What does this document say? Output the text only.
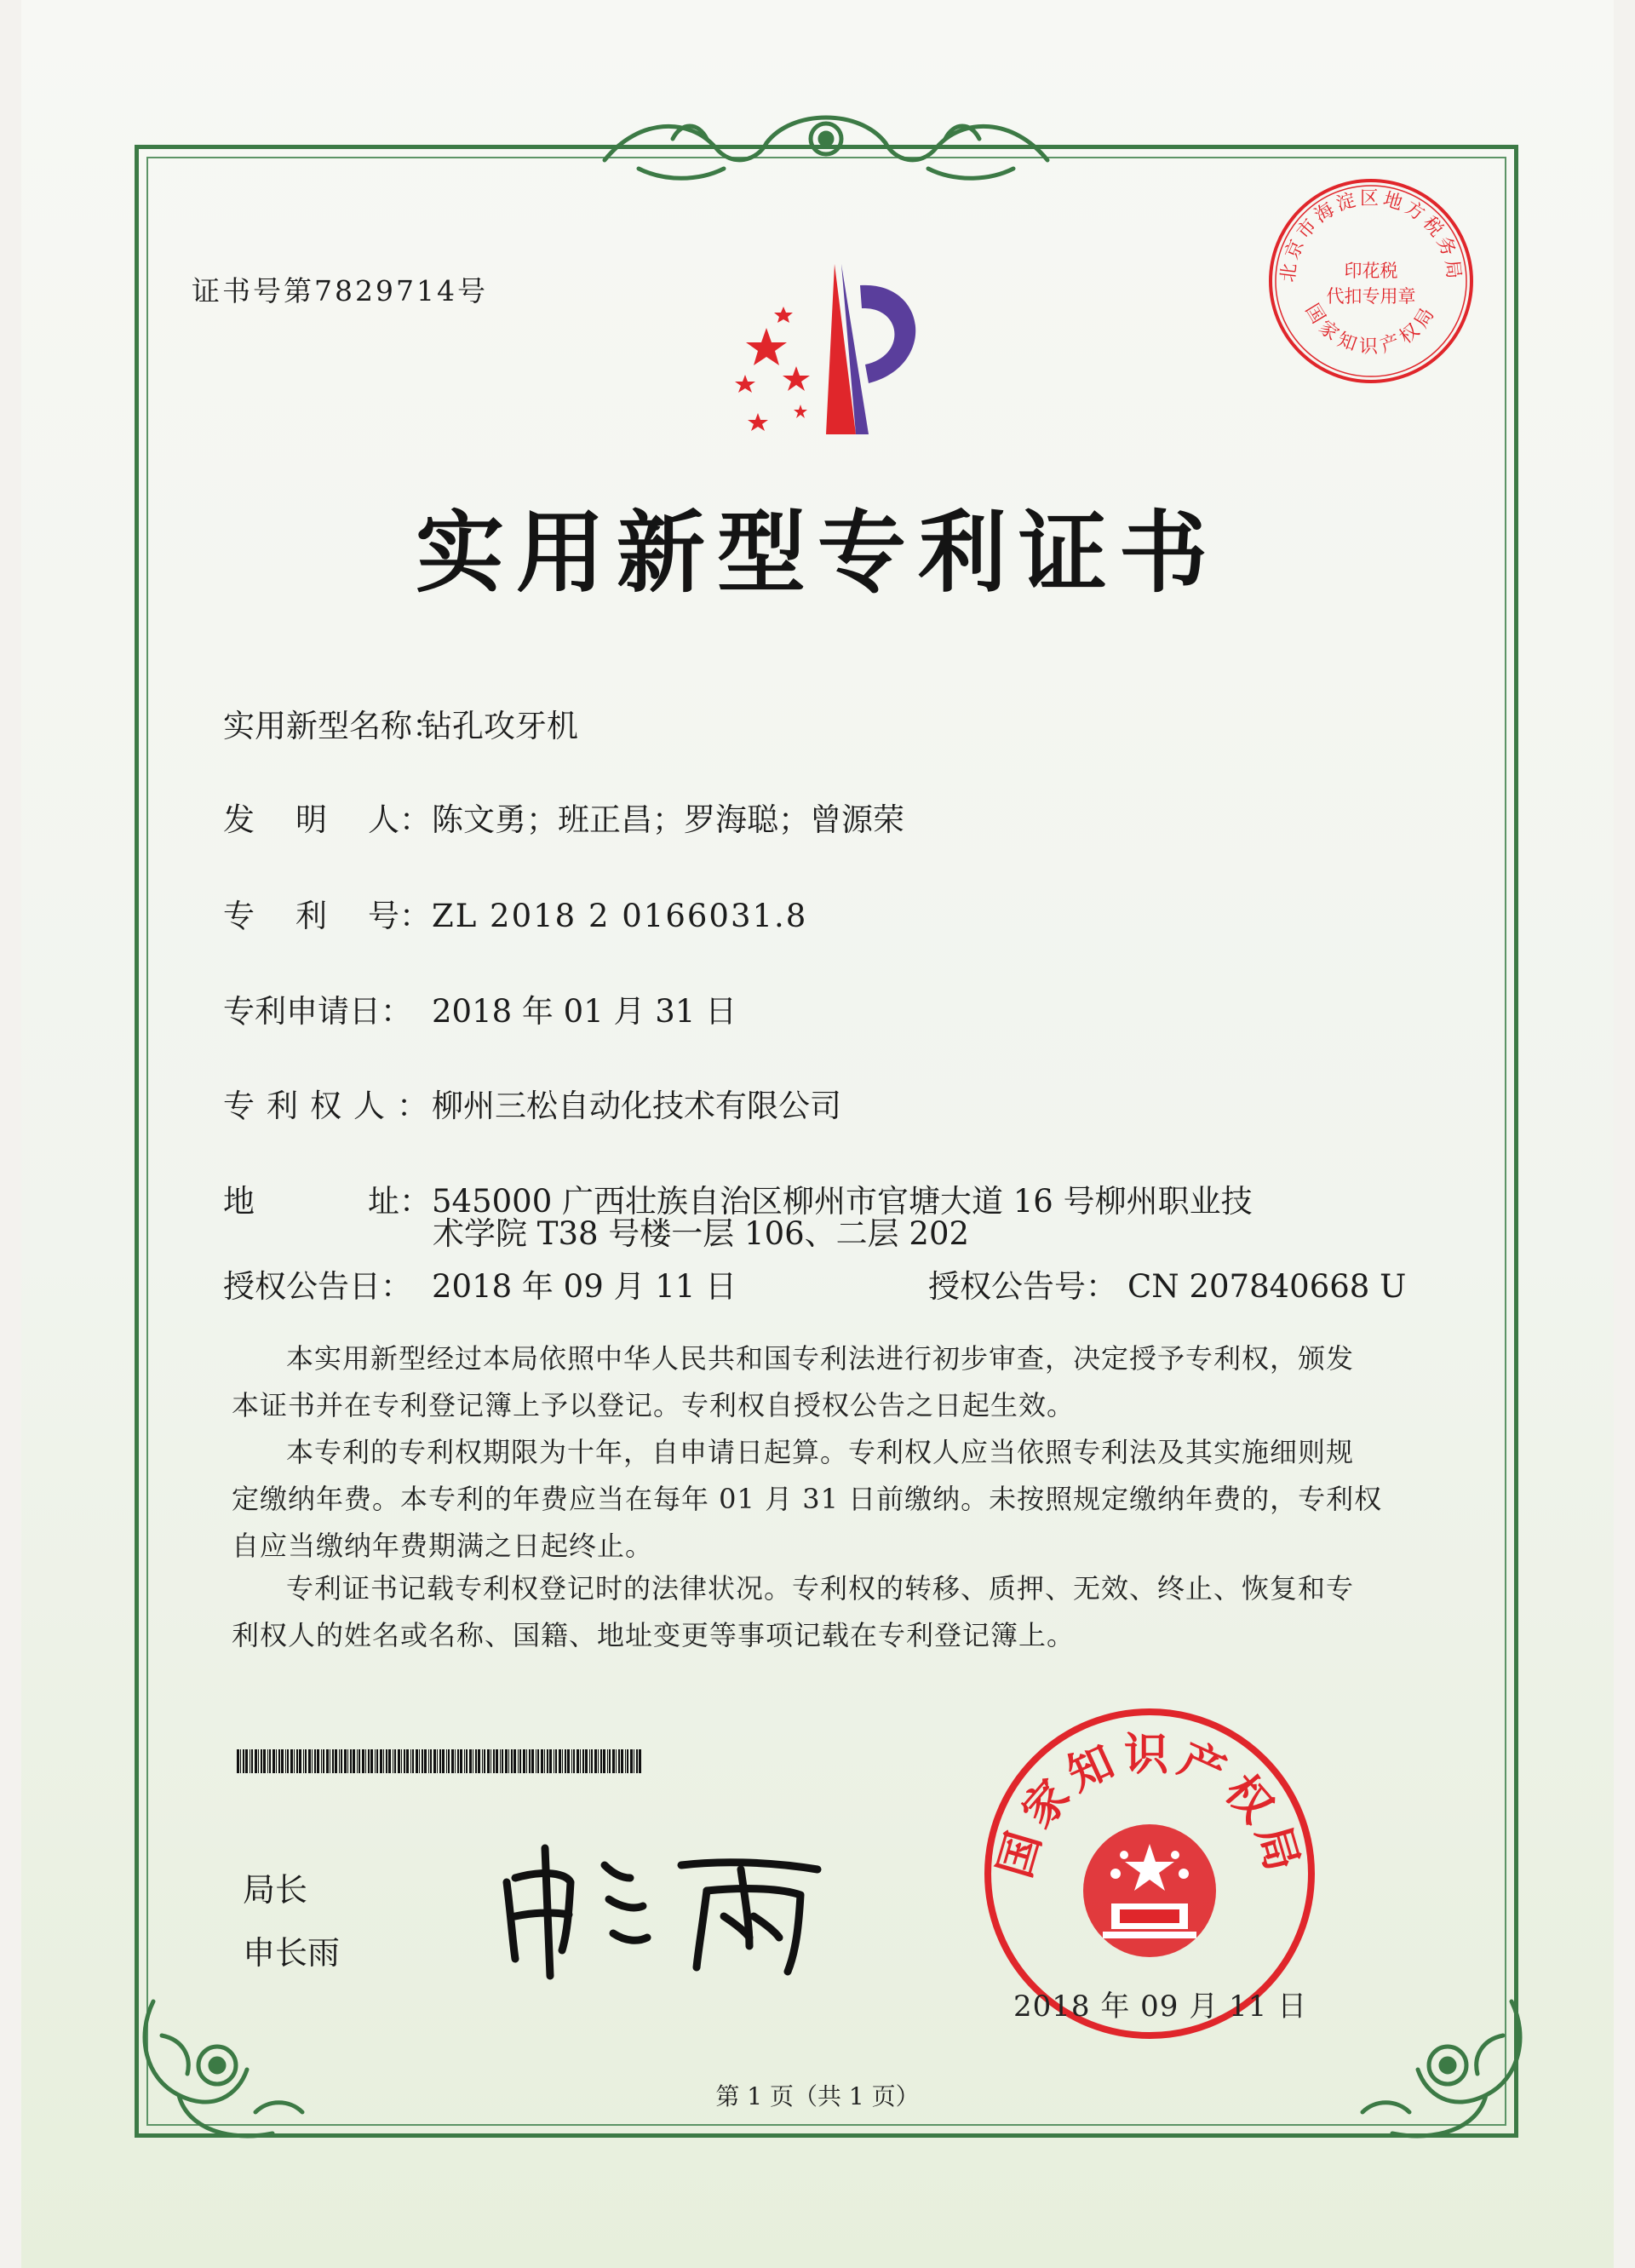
北京市海淀区地方税务局
印花税
代扣专用章
国家知识产权局
证书号第7829714号
实用新型专利证书
实用新型名称：钻孔攻牙机
发 明 人：陈文勇；班正昌；罗海聪；曾源荣
专 利 号：ZL 2018 2 0166031.8
专利申请日： 2018 年 01 月 31 日
专利权人：柳州三松自动化技术有限公司
地	址：545000 广西壮族自治区柳州市官塘大道 16 号柳州职业技
术学院 T38 号楼一层 106、二层 202
授权公告日： 2018 年 09 月 11 日	授权公告号： CN 207840668 U
本实用新型经过本局依照中华人民共和国专利法进行初步审查，决定授予专利权，颁发
本证书并在专利登记簿上予以登记。专利权自授权公告之日起生效。
本专利的专利权期限为十年，自申请日起算。专利权人应当依照专利法及其实施细则规
定缴纳年费。本专利的年费应当在每年 01 月 31 日前缴纳。未按照规定缴纳年费的，专利权
自应当缴纳年费期满之日起终止。
专利证书记载专利权登记时的法律状况。专利权的转移、质押、无效、终止、恢复和专
利权人的姓名或名称、国籍、地址变更等事项记载在专利登记簿上。
局长
申长雨
国家知识产权局
2018 年 09 月 11 日
第 1 页（共 1 页）
